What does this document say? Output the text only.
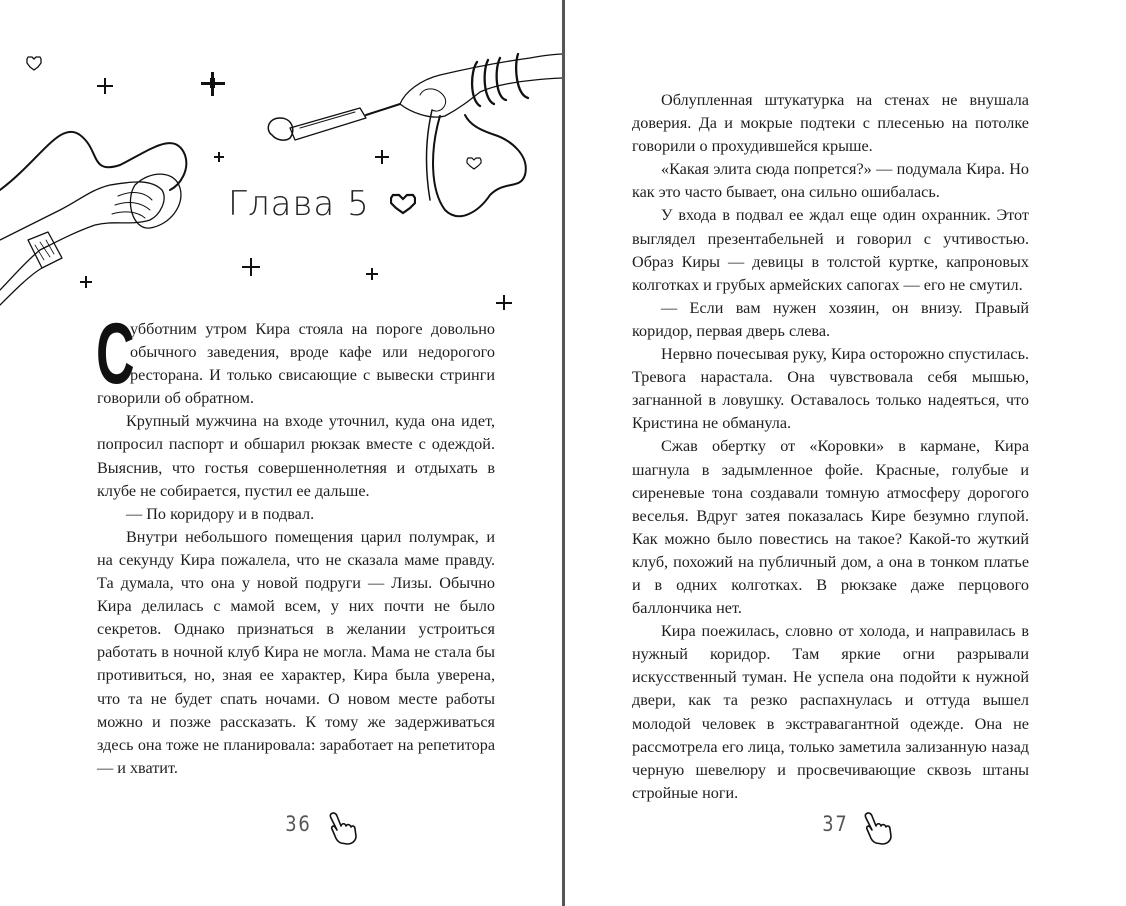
Глава 5

С
убботним утром Кира стояла на пороге довольно обычного заведения, вроде кафе или недорогого ресторана. И только свисающие с вывески стринги говорили об обратном.

Крупный мужчина на входе уточнил, куда она идет, попросил паспорт и обшарил рюкзак вместе с одеждой. Выяснив, что гостья совершеннолетняя и отдыхать в клубе не собирается, пустил ее дальше.

— По коридору и в подвал.

Внутри небольшого помещения царил полумрак, и на секунду Кира пожалела, что не сказала маме правду. Та думала, что она у новой подруги — Лизы. Обычно Кира делилась с мамой всем, у них почти не было секретов. Однако признаться в желании устроиться работать в ночной клуб Кира не могла. Мама не стала бы противиться, но, зная ее характер, Кира была уверена, что та не будет спать ночами. О новом месте работы можно и позже рассказать. К тому же задерживаться здесь она тоже не планировала: заработает на репетитора — и хватит.

36

Облупленная штукатурка на стенах не внушала доверия. Да и мокрые подтеки с плесенью на потолке говорили о прохудившейся крыше.

«Какая элита сюда попрется?» — подумала Кира. Но как это часто бывает, она сильно ошибалась.

У входа в подвал ее ждал еще один охранник. Этот выглядел презентабельней и говорил с учтивостью. Образ Киры — девицы в толстой куртке, капроновых колготках и грубых армейских сапогах — его не смутил.

— Если вам нужен хозяин, он внизу. Правый коридор, первая дверь слева.

Нервно почесывая руку, Кира осторожно спустилась. Тревога нарастала. Она чувствовала себя мышью, загнанной в ловушку. Оставалось только надеяться, что Кристина не обманула.

Сжав обертку от «Коровки» в кармане, Кира шагнула в задымленное фойе. Красные, голубые и сиреневые тона создавали томную атмосферу дорогого веселья. Вдруг затея показалась Кире безумно глупой. Как можно было повестись на такое? Какой-то жуткий клуб, похожий на публичный дом, а она в тонком платье и в одних колготках. В рюкзаке даже перцового баллончика нет.

Кира поежилась, словно от холода, и направилась в нужный коридор. Там яркие огни разрывали искусственный туман. Не успела она подойти к нужной двери, как та резко распахнулась и оттуда вышел молодой человек в экстравагантной одежде. Она не рассмотрела его лица, только заметила зализанную назад черную шевелюру и просвечивающие сквозь штаны стройные ноги.

37
